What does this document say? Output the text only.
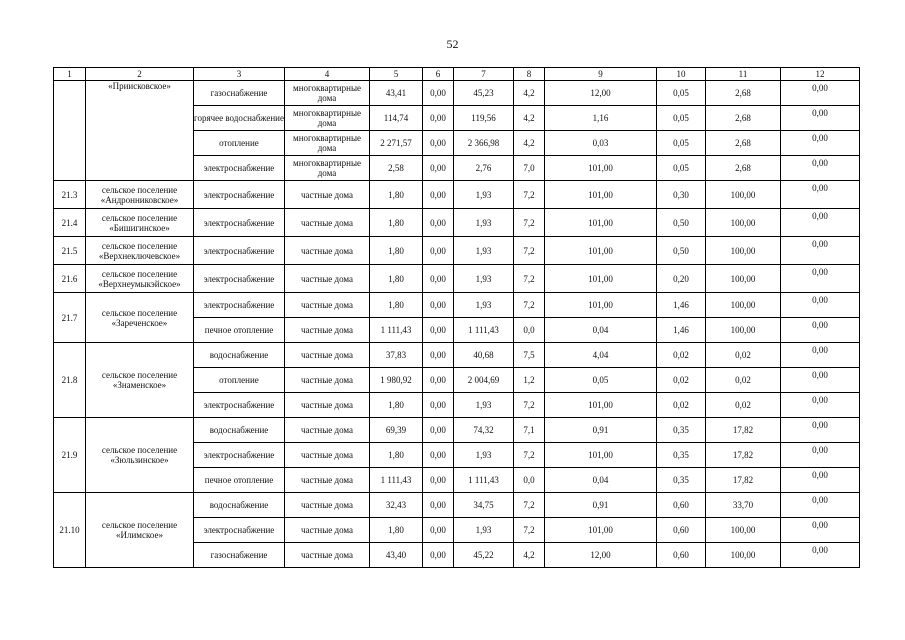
52
1	2	3	4	5	6	7	8	9	10	11	12
	«Приисковское»	газоснабжение	многоквартирные дома	43,41	0,00	45,23	4,2	12,00	0,05	2,68	0,00
		горячее водоснабжение	многоквартирные дома	114,74	0,00	119,56	4,2	1,16	0,05	2,68	0,00
		отопление	многоквартирные дома	2 271,57	0,00	2 366,98	4,2	0,03	0,05	2,68	0,00
		электроснабжение	многоквартирные дома	2,58	0,00	2,76	7,0	101,00	0,05	2,68	0,00
21.3	сельское поселение «Андронниковское»	электроснабжение	частные дома	1,80	0,00	1,93	7,2	101,00	0,30	100,00	0,00
21.4	сельское поселение «Бишигинское»	электроснабжение	частные дома	1,80	0,00	1,93	7,2	101,00	0,50	100,00	0,00
21.5	сельское поселение «Верхнеключевское»	электроснабжение	частные дома	1,80	0,00	1,93	7,2	101,00	0,50	100,00	0,00
21.6	сельское поселение «Верхнеумыкэйское»	электроснабжение	частные дома	1,80	0,00	1,93	7,2	101,00	0,20	100,00	0,00
21.7	сельское поселение «Зареченское»	электроснабжение	частные дома	1,80	0,00	1,93	7,2	101,00	1,46	100,00	0,00
		печное отопление	частные дома	1 111,43	0,00	1 111,43	0,0	0,04	1,46	100,00	0,00
21.8	сельское поселение «Знаменское»	водоснабжение	частные дома	37,83	0,00	40,68	7,5	4,04	0,02	0,02	0,00
		отопление	частные дома	1 980,92	0,00	2 004,69	1,2	0,05	0,02	0,02	0,00
		электроснабжение	частные дома	1,80	0,00	1,93	7,2	101,00	0,02	0,02	0,00
21.9	сельское поселение «Зюльзинское»	водоснабжение	частные дома	69,39	0,00	74,32	7,1	0,91	0,35	17,82	0,00
		электроснабжение	частные дома	1,80	0,00	1,93	7,2	101,00	0,35	17,82	0,00
		печное отопление	частные дома	1 111,43	0,00	1 111,43	0,0	0,04	0,35	17,82	0,00
21.10	сельское поселение «Илимское»	водоснабжение	частные дома	32,43	0,00	34,75	7,2	0,91	0,60	33,70	0,00
		электроснабжение	частные дома	1,80	0,00	1,93	7,2	101,00	0,60	100,00	0,00
		газоснабжение	частные дома	43,40	0,00	45,22	4,2	12,00	0,60	100,00	0,00
